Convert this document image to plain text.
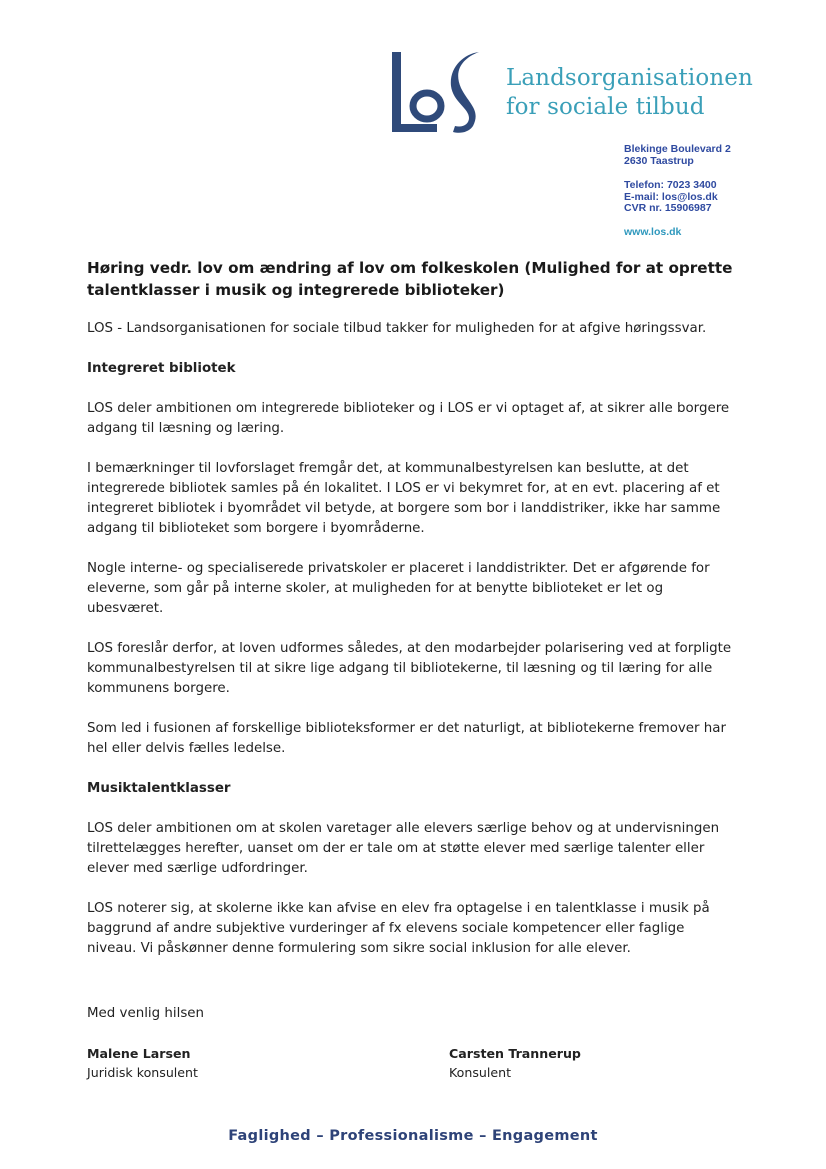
Landsorganisationen
for sociale tilbud
Blekinge Boulevard 2
2630 Taastrup
Telefon: 7023 3400
E-mail: los@los.dk
CVR nr. 15906987
www.los.dk
Høring vedr. lov om ændring af lov om folkeskolen (Mulighed for at oprette talentklasser i musik og integrerede biblioteker)

LOS - Landsorganisationen for sociale tilbud takker for muligheden for at afgive høringssvar.

Integreret bibliotek

LOS deler ambitionen om integrerede biblioteker og i LOS er vi optaget af, at sikrer alle borgere adgang til læsning og læring.

I bemærkninger til lovforslaget fremgår det, at kommunalbestyrelsen kan beslutte, at det integrerede bibliotek samles på én lokalitet. I LOS er vi bekymret for, at en evt. placering af et integreret bibliotek i byområdet vil betyde, at borgere som bor i landdistriker, ikke har samme adgang til biblioteket som borgere i byområderne.

Nogle interne- og specialiserede privatskoler er placeret i landdistrikter. Det er afgørende for eleverne, som går på interne skoler, at muligheden for at benytte biblioteket er let og ubesværet.

LOS foreslår derfor, at loven udformes således, at den modarbejder polarisering ved at forpligte kommunalbestyrelsen til at sikre lige adgang til bibliotekerne, til læsning og til læring for alle kommunens borgere.

Som led i fusionen af forskellige biblioteksformer er det naturligt, at bibliotekerne fremover har hel eller delvis fælles ledelse.

Musiktalentklasser

LOS deler ambitionen om at skolen varetager alle elevers særlige behov og at undervisningen tilrettelægges herefter, uanset om der er tale om at støtte elever med særlige talenter eller elever med særlige udfordringer.

LOS noterer sig, at skolerne ikke kan afvise en elev fra optagelse i en talentklasse i musik på baggrund af andre subjektive vurderinger af fx elevens sociale kompetencer eller faglige niveau. Vi påskønner denne formulering som sikre social inklusion for alle elever.

Med venlig hilsen
Malene Larsen
Juridisk konsulent
Carsten Trannerup
Konsulent
Faglighed – Professionalisme – Engagement
